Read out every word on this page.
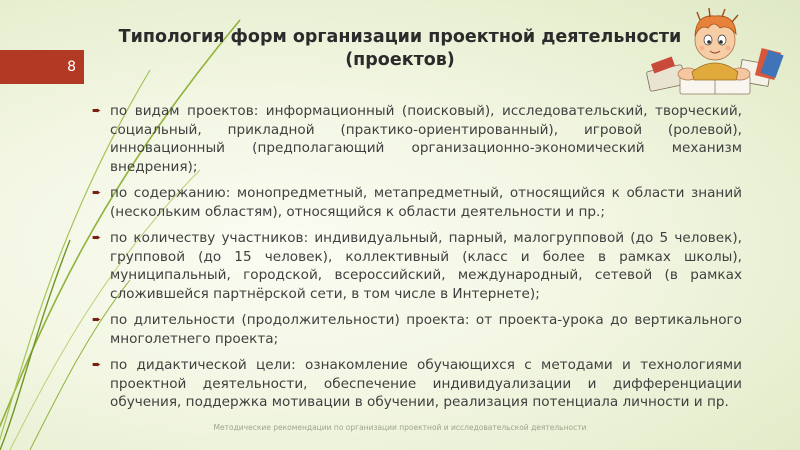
8
Типология форм организации проектной деятельности
(проектов)
➨ по видам проектов: информационный (поисковый), исследовательский, творческий, социальный, прикладной (практико-ориентированный), игровой (ролевой), инновационный (предполагающий организационно-экономический механизм внедрения);
➨ по содержанию: монопредметный, метапредметный, относящийся к области знаний (нескольким областям), относящийся к области деятельности и пр.;
➨ по количеству участников: индивидуальный, парный, малогрупповой (до 5 человек), групповой (до 15 человек), коллективный (класс и более в рамках школы), муниципальный, городской, всероссийский, международный, сетевой (в рамках сложившейся партнёрской сети, в том числе в Интернете);
➨ по длительности (продолжительности) проекта: от проекта-урока до вертикального многолетнего проекта;
➨ по дидактической цели: ознакомление обучающихся с методами и технологиями проектной деятельности, обеспечение индивидуализации и дифференциации обучения, поддержка мотивации в обучении, реализация потенциала личности и пр.
Методические рекомендации по организации проектной и исследовательской деятельности
